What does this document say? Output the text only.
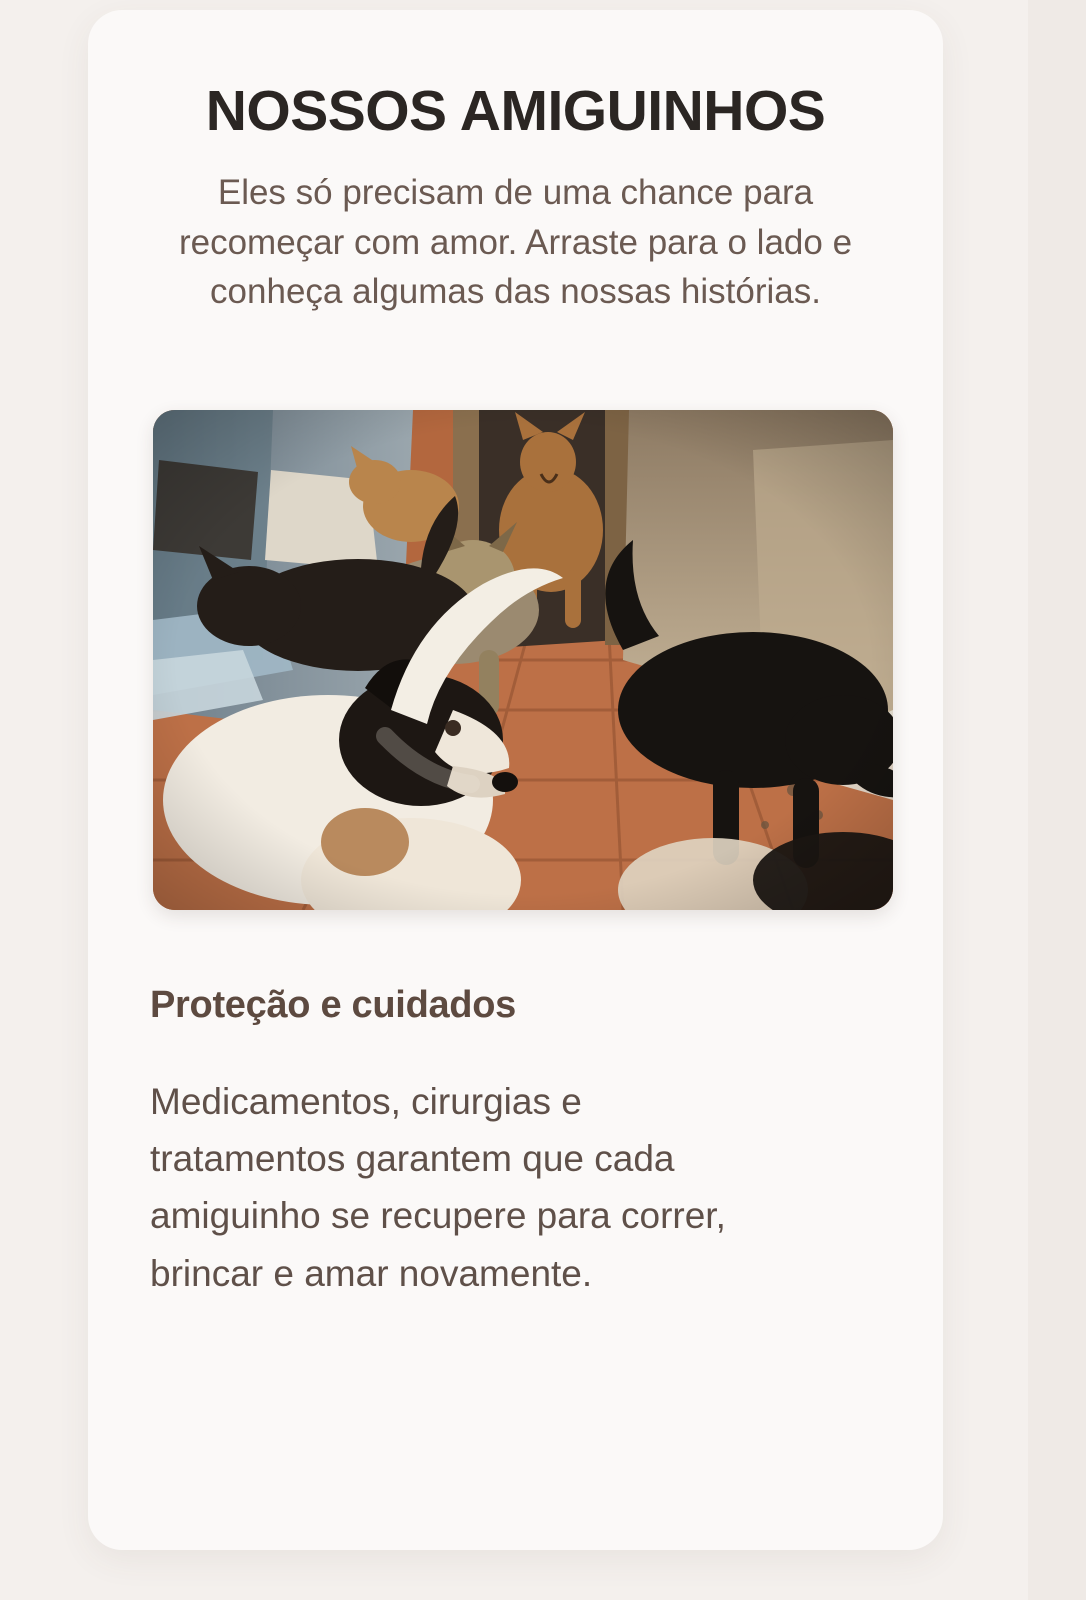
NOSSOS AMIGUINHOS

Eles só precisam de uma chance para recomeçar com amor. Arraste para o lado e conheça algumas das nossas histórias.

Proteção e cuidados

Medicamentos, cirurgias e tratamentos garantem que cada amiguinho se recupere para correr, brincar e amar novamente.
